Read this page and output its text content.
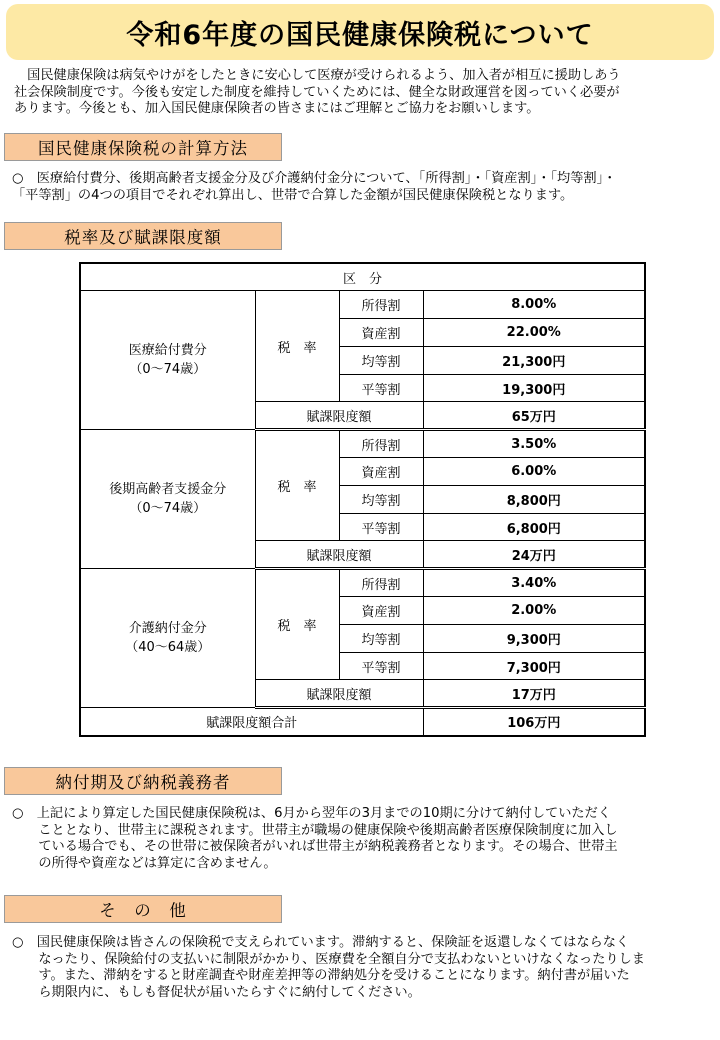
令和6年度の国民健康保険税について
　国民健康保険は病気やけがをしたときに安心して医療が受けられるよう、加入者が相互に援助しあう
社会保険制度です。今後も安定した制度を維持していくためには、健全な財政運営を図っていく必要が
あります。今後とも、加入国民健康保険者の皆さまにはご理解とご協力をお願いします。
国民健康保険税の計算方法
○　医療給付費分、後期高齢者支援金分及び介護納付金分について、「所得割」・「資産割」・「均等割」・
「平等割」の4つの項目でそれぞれ算出し、世帯で合算した金額が国民健康保険税となります。
税率及び賦課限度額
区　分			

医療給付費分
（0～74歳）	税　率	所得割	8.00%
		資産割	22.00%
		均等割	21,300円
		平等割	19,300円
	賦課限度額		65万円

後期高齢者支援金分
（0～74歳）	税　率	所得割	3.50%
		資産割	6.00%
		均等割	8,800円
		平等割	6,800円
	賦課限度額		24万円

介護納付金分
（40～64歳）	税　率	所得割	3.40%
		資産割	2.00%
		均等割	9,300円
		平等割	7,300円
	賦課限度額		17万円
賦課限度額合計			106万円
納付期及び納税義務者
○　上記により算定した国民健康保険税は、6月から翌年の3月までの10期に分けて納付していただく
　　こととなり、世帯主に課税されます。世帯主が職場の健康保険や後期高齢者医療保険制度に加入し
　　ている場合でも、その世帯に被保険者がいれば世帯主が納税義務者となります。その場合、世帯主
　　の所得や資産などは算定に含めません。
そ　の　他
○　国民健康保険は皆さんの保険税で支えられています。滞納すると、保険証を返還しなくてはならなく
　　なったり、保険給付の支払いに制限がかかり、医療費を全額自分で支払わないといけなくなったりしま
　　す。また、滞納をすると財産調査や財産差押等の滞納処分を受けることになります。納付書が届いた
　　ら期限内に、もしも督促状が届いたらすぐに納付してください。
